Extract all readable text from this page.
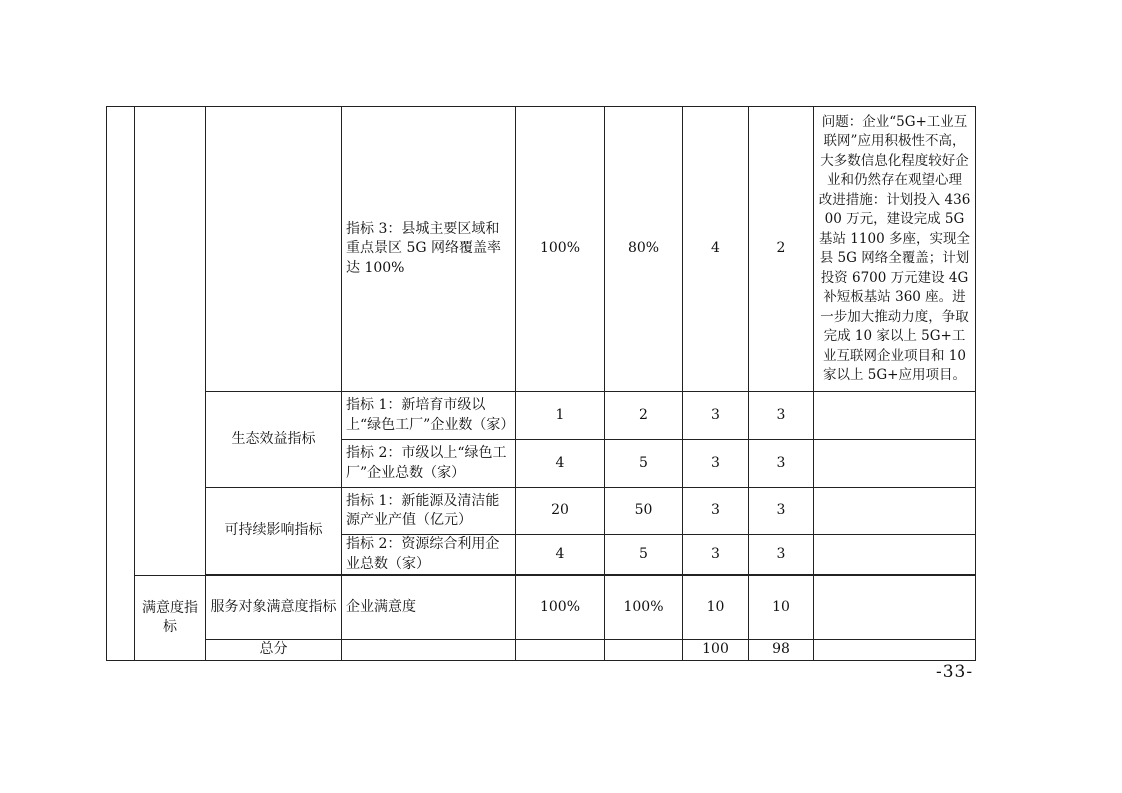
			指标 3：县城主要区域和重点景区 5G 网络覆盖率达 100%	100%	80%	4	2	问题：企业“5G+工业互联网”应用积极性不高，大多数信息化程度较好企业和仍然存在观望心理　　改进措施：计划投入 43600 万元，建设完成 5G 基站 1100 多座，实现全县 5G 网络全覆盖；计划投资 6700 万元建设 4G 补短板基站 360 座。进一步加大推动力度，争取完成 10 家以上 5G+工业互联网企业项目和 10 家以上 5G+应用项目。
		生态效益指标	指标 1：新培育市级以上“绿色工厂”企业数（家）	1	2	3	3	
			指标 2：市级以上“绿色工厂”企业总数（家）	4	5	3	3	
		可持续影响指标	指标 1：新能源及清洁能源产业产值（亿元）	20	50	3	3	
			指标 2：资源综合利用企业总数（家）	4	5	3	3	

	满意度指标	服务对象满意度指标	企业满意度	100%	100%	10	10	
		总分				100	98	
-33-
